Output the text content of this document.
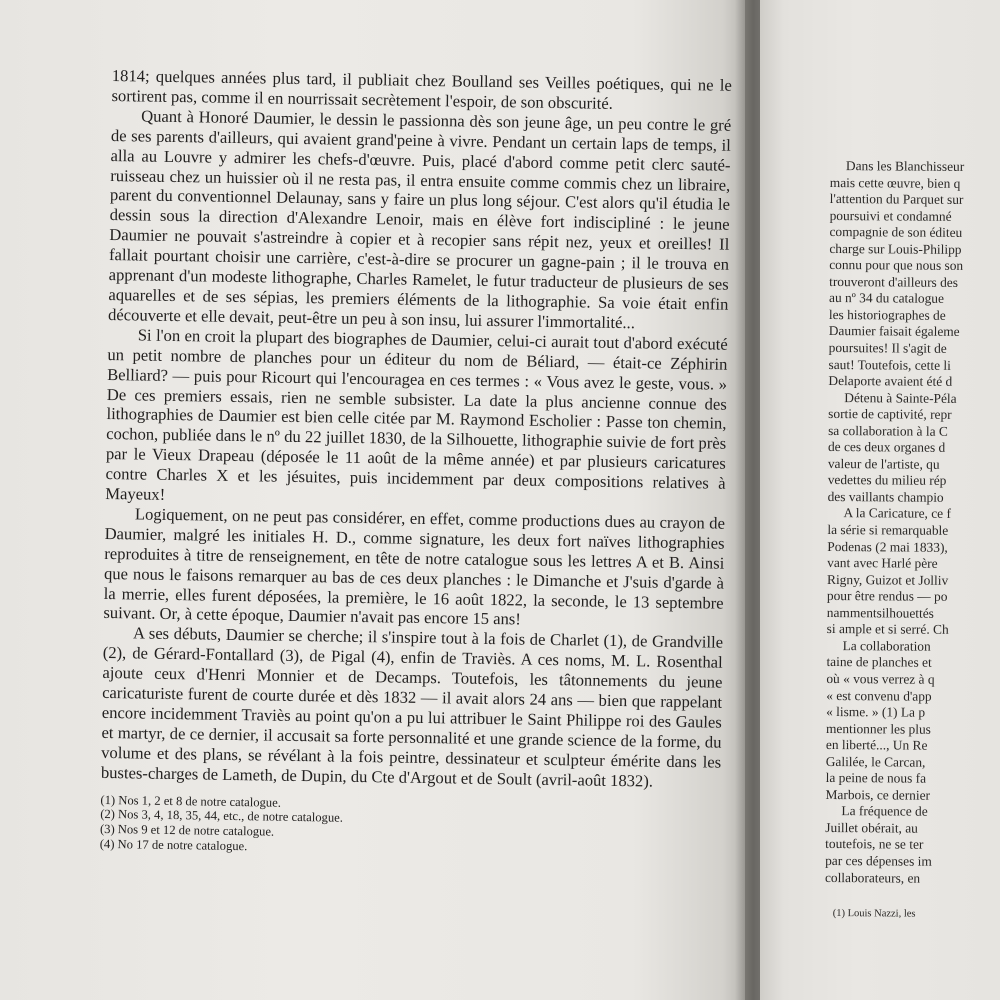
1814; quelques années plus tard, il publiait chez Boulland ses Veilles poétiques, qui ne le sortirent pas, comme il en nourrissait secrètement l'espoir, de son obscurité.

Quant à Honoré Daumier, le dessin le passionna dès son jeune âge, un peu contre le gré de ses parents d'ailleurs, qui avaient grand'peine à vivre. Pendant un certain laps de temps, il alla au Louvre y admirer les chefs-d'œuvre. Puis, placé d'abord comme petit clerc sauté-ruisseau chez un huissier où il ne resta pas, il entra ensuite comme commis chez un libraire, parent du conventionnel Delaunay, sans y faire un plus long séjour. C'est alors qu'il étudia le dessin sous la direction d'Alexandre Lenoir, mais en élève fort indiscipliné : le jeune Daumier ne pouvait s'astreindre à copier et à recopier sans répit nez, yeux et oreilles! Il fallait pourtant choisir une carrière, c'est-à-dire se procurer un gagne-pain ; il le trouva en apprenant d'un modeste lithographe, Charles Ramelet, le futur traducteur de plusieurs de ses aquarelles et de ses sépias, les premiers éléments de la lithographie. Sa voie était enfin découverte et elle devait, peut-être un peu à son insu, lui assurer l'immortalité...

Si l'on en croit la plupart des biographes de Daumier, celui-ci aurait tout d'abord exécuté un petit nombre de planches pour un éditeur du nom de Béliard, — était-ce Zéphirin Belliard? — puis pour Ricourt qui l'encouragea en ces termes : « Vous avez le geste, vous. » De ces premiers essais, rien ne semble subsister. La date la plus ancienne connue des lithographies de Daumier est bien celle citée par M. Raymond Escholier : Passe ton chemin, cochon, publiée dans le nº du 22 juillet 1830, de la Silhouette, lithographie suivie de fort près par le Vieux Drapeau (déposée le 11 août de la même année) et par plusieurs caricatures contre Charles X et les jésuites, puis incidemment par deux compositions relatives à Mayeux!

Logiquement, on ne peut pas considérer, en effet, comme productions dues au crayon de Daumier, malgré les initiales H. D., comme signature, les deux fort naïves lithographies reproduites à titre de renseignement, en tête de notre catalogue sous les lettres A et B. Ainsi que nous le faisons remarquer au bas de ces deux planches : le Dimanche et J'suis d'garde à la merrie, elles furent déposées, la première, le 16 août 1822, la seconde, le 13 septembre suivant. Or, à cette époque, Daumier n'avait pas encore 15 ans!

A ses débuts, Daumier se cherche; il s'inspire tout à la fois de Charlet (1), de Grandville (2), de Gérard-Fontallard (3), de Pigal (4), enfin de Traviès. A ces noms, M. L. Rosenthal ajoute ceux d'Henri Monnier et de Decamps. Toutefois, les tâtonnements du jeune caricaturiste furent de courte durée et dès 1832 — il avait alors 24 ans — bien que rappelant encore incidemment Traviès au point qu'on a pu lui attribuer le Saint Philippe roi des Gaules et martyr, de ce dernier, il accusait sa forte personnalité et une grande science de la forme, du volume et des plans, se révélant à la fois peintre, dessinateur et sculpteur émérite dans les bustes-charges de Lameth, de Dupin, du Cte d'Argout et de Soult (avril-août 1832).

(1) Nos 1, 2 et 8 de notre catalogue.

(2) Nos 3, 4, 18, 35, 44, etc., de notre catalogue.

(3) Nos 9 et 12 de notre catalogue.

(4) No 17 de notre catalogue.

Dans les Blanchisseur

mais cette œuvre, bien q

l'attention du Parquet sur

poursuivi et condamné

compagnie de son éditeu

charge sur Louis-Philipp

connu pour que nous son

trouveront d'ailleurs des

au nº 34 du catalogue

les historiographes de

Daumier faisait égaleme

poursuites! Il s'agit de

saut! Toutefois, cette li

Delaporte avaient été d

Détenu à Sainte-Péla

sortie de captivité, repr

sa collaboration à la C

de ces deux organes d

valeur de l'artiste, qu

vedettes du milieu rép

des vaillants champio

A la Caricature, ce f

la série si remarquable

Podenas (2 mai 1833),

vant avec Harlé père

Rigny, Guizot et Jolliv

pour être rendus — po

nammentsilhouettés

si ample et si serré. Ch

La collaboration

taine de planches et

où « vous verrez à q

« est convenu d'app

« lisme. » (1) La p

mentionner les plus

en liberté..., Un Re

Galilée, le Carcan,

la peine de nous fa

Marbois, ce dernier

La fréquence de

Juillet obérait, au

toutefois, ne se ter

par ces dépenses im

collaborateurs, en

(1) Louis Nazzi, les
